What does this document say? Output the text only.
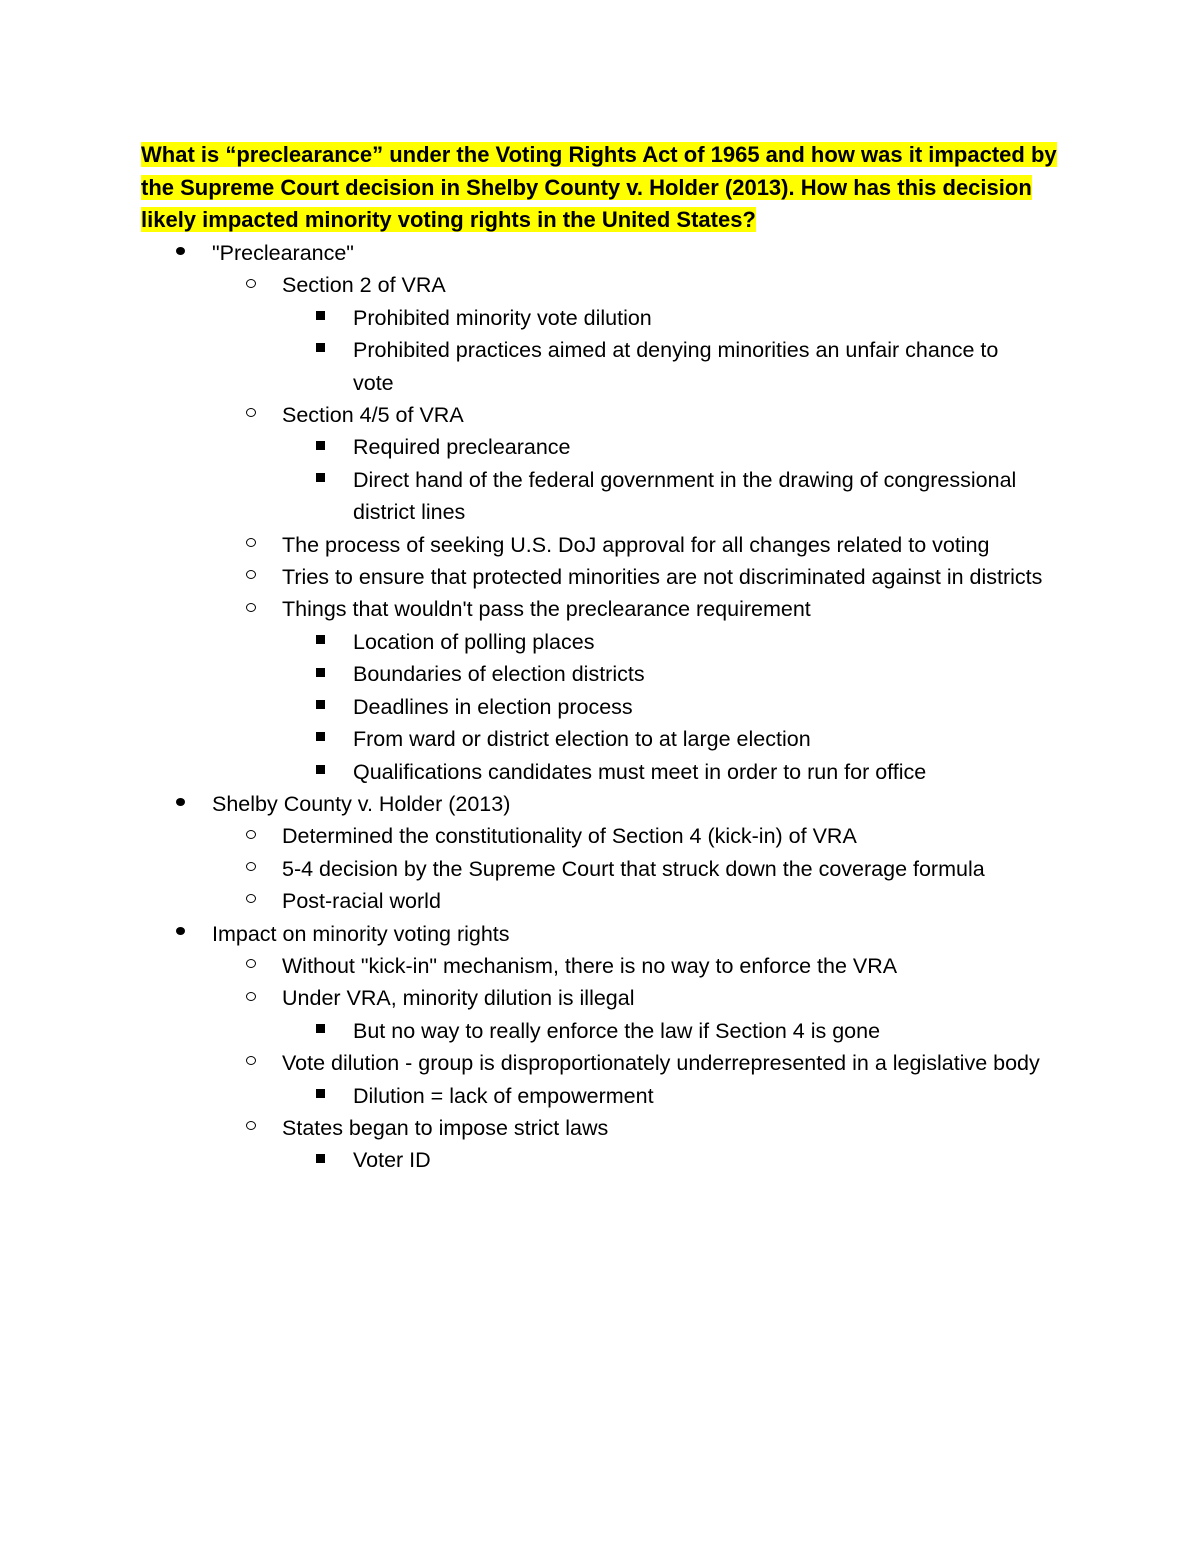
What is “preclearance” under the Voting Rights Act of 1965 and how was it impacted by the Supreme Court decision in Shelby County v. Holder (2013). How has this decision likely impacted minority voting rights in the United States?

"Preclearance"
Section 2 of VRA
Prohibited minority vote dilution
Prohibited practices aimed at denying minorities an unfair chance to vote
Section 4/5 of VRA
Required preclearance
Direct hand of the federal government in the drawing of congressional district lines
The process of seeking U.S. DoJ approval for all changes related to voting
Tries to ensure that protected minorities are not discriminated against in districts
Things that wouldn't pass the preclearance requirement
Location of polling places
Boundaries of election districts
Deadlines in election process
From ward or district election to at large election
Qualifications candidates must meet in order to run for office
Shelby County v. Holder (2013)
Determined the constitutionality of Section 4 (kick-in) of VRA
5-4 decision by the Supreme Court that struck down the coverage formula
Post-racial world
Impact on minority voting rights
Without "kick-in" mechanism, there is no way to enforce the VRA
Under VRA, minority dilution is illegal
But no way to really enforce the law if Section 4 is gone
Vote dilution - group is disproportionately underrepresented in a legislative body
Dilution = lack of empowerment
States began to impose strict laws
Voter ID
